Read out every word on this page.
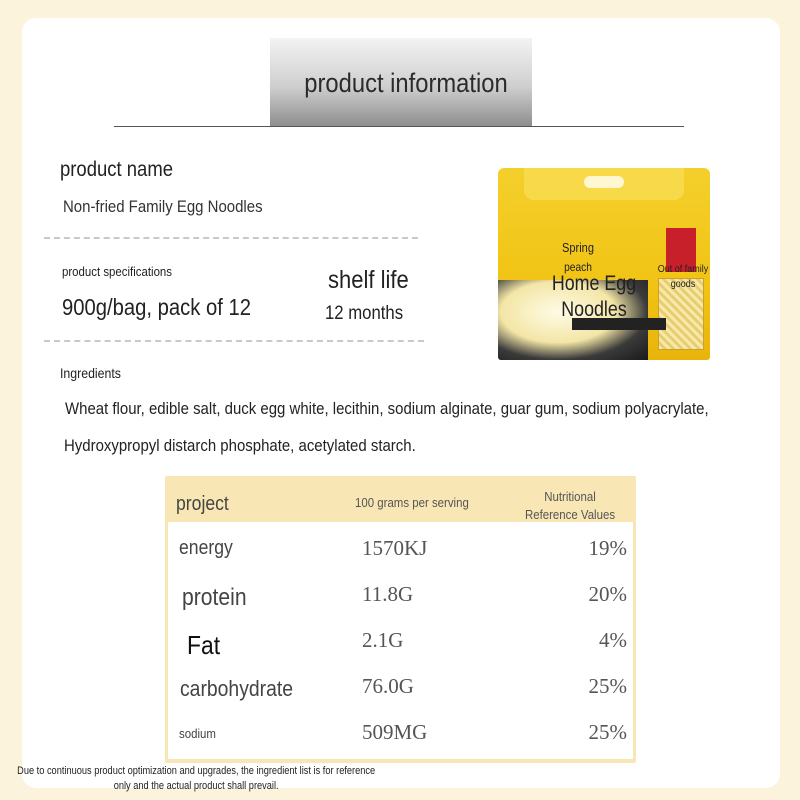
product information
product name
Non-fried Family Egg Noodles
product specifications
900g/bag, pack of 12
shelf life
12 months
Spring
peach
Home Egg
Noodles
Out of family goods
Ingredients
Wheat flour, edible salt, duck egg white, lecithin, sodium alginate, guar gum, sodium polyacrylate,
Hydroxypropyl distarch phosphate, acetylated starch.
project	100 grams per serving	Nutritional Reference Values
energy	1570KJ	19%
protein	11.8G	20%
Fat	2.1G	4%
carbohydrate	76.0G	25%
sodium	509MG	25%
Due to continuous product optimization and upgrades, the ingredient list is for reference only and the actual product shall prevail.
